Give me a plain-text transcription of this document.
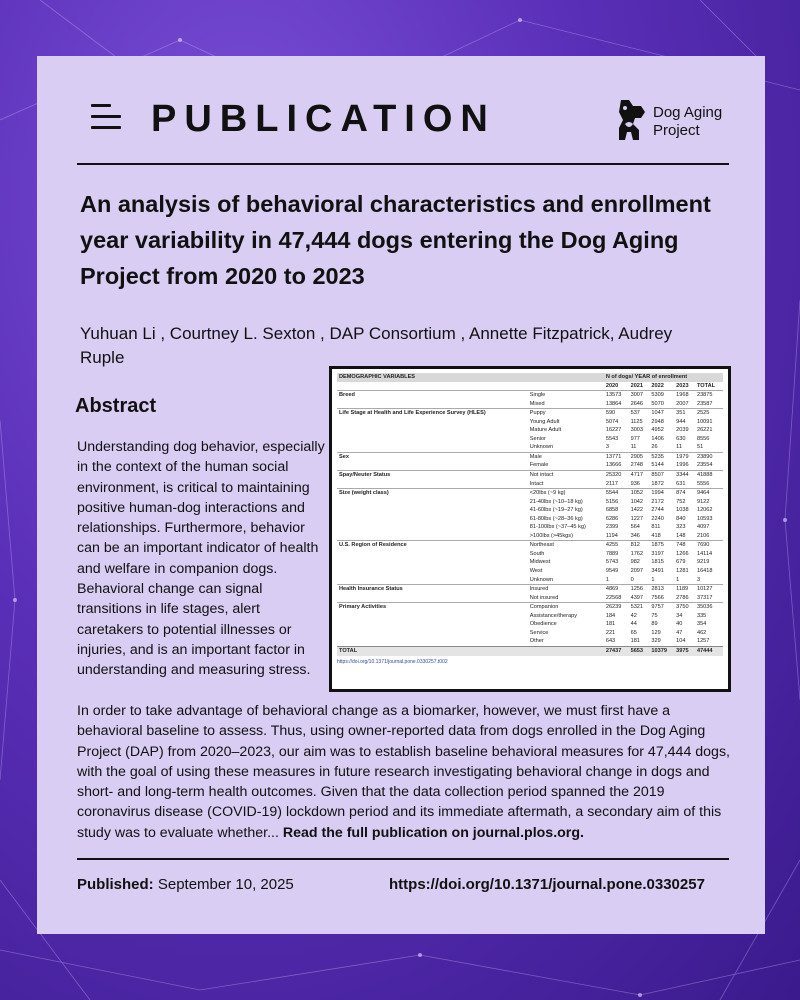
PUBLICATION	Dog Aging
Project
An analysis of behavioral characteristics and enrollment year variability in 47,444 dogs entering the Dog Aging Project from 2020 to 2023
Yuhuan Li , Courtney L. Sexton , DAP Consortium , Annette Fitzpatrick, Audrey Ruple
DEMOGRAPHIC VARIABLES		N of dogs/ YEAR of enrollment				
		2020	2021	2022	2023	TOTAL
Breed	Single	13573	3007	5309	1968	23875
	Mixed	13864	2646	5070	2007	23587
Life Stage at Health and Life Experience Survey (HLES)	Puppy	590	537	1047	351	2525
	Young Adult	5074	1125	2948	944	10091
	Mature Adult	16227	3003	4952	2039	26221
	Senior	5543	977	1406	630	8556
	Unknown	3	11	26	11	51
Sex	Male	13771	2905	5235	1979	23890
	Female	13666	2748	5144	1996	23554
Spay/Neuter Status	Not intact	25320	4717	8507	3344	41888
	Intact	2117	936	1872	631	5556
Size (weight class)	<20lbs (~9 kg)	5544	1052	1994	874	9464
	21-40lbs (~10–18 kg)	5156	1042	2172	752	9122
	41-60lbs (~19–27 kg)	6858	1422	2744	1038	12062
	61-80lbs (~28–36 kg)	6286	1227	2240	840	10593
	81-100lbs (~37–45 kg)	2399	564	811	323	4097
	>100lbs (>45kgs)	1194	346	418	148	2106
U.S. Region of Residence	Northeast	4255	812	1875	748	7690
	South	7889	1762	3197	1266	14114
	Midwest	5743	982	1815	679	9219
	West	9549	2097	3491	1281	16418
	Unknown	1	0	1	1	3
Health Insurance Status	Insured	4869	1256	2813	1189	10127
	Not insured	22568	4397	7566	2786	37317
Primary Activities	Companion	26239	5321	9757	3750	35036
	Assistance/therapy	184	42	75	34	335
	Obedience	181	44	89	40	354
	Service	221	65	129	47	462
	Other	643	181	329	104	1257
TOTAL		27437	5653	10379	3975	47444
https://doi.org/10.1371/journal.pone.0330257.t002
Abstract
Understanding dog behavior, especially in the context of the human social environment, is critical to maintaining positive human-dog interactions and relationships. Furthermore, behavior can be an important indicator of health and welfare in companion dogs. Behavioral change can signal transitions in life stages, alert caretakers to potential illnesses or injuries, and is an important factor in understanding and measuring stress.
In order to take advantage of behavioral change as a biomarker, however, we must first have a behavioral baseline to assess. Thus, using owner-reported data from dogs enrolled in the Dog Aging Project (DAP) from 2020–2023, our aim was to establish baseline behavioral measures for 47,444 dogs, with the goal of using these measures in future research investigating behavioral change in dogs and short- and long-term health outcomes. Given that the data collection period spanned the 2019 coronavirus disease (COVID-19) lockdown period and its immediate aftermath, a secondary aim of this study was to evaluate whether... Read the full publication on journal.plos.org.
Published: September 10, 2025	https://doi.org/10.1371/journal.pone.0330257
